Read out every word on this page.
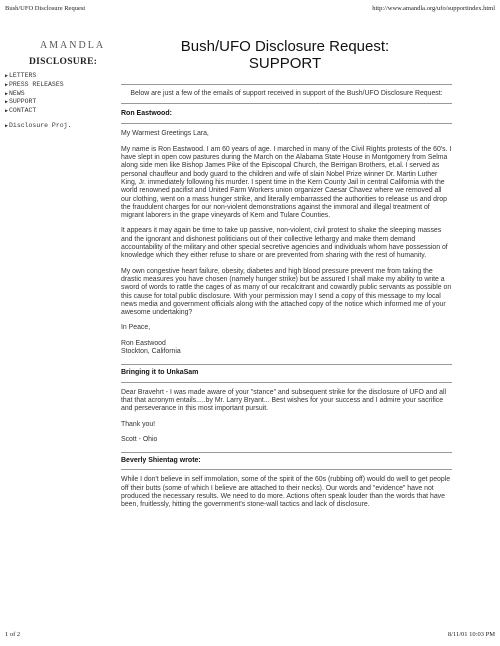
Bush/UFO Disclosure Request	http://www.amandla.org/ufo/supportindex.html
AMANDLA
DISCLOSURE:
▶LETTERS
▶PRESS RELEASES
▶NEWS
▶SUPPORT
▶CONTACT
▶Disclosure Proj.
Bush/UFO Disclosure Request:
SUPPORT
Below are just a few of the emails of support received in support of the Bush/UFO Disclosure Request:
Ron Eastwood:

My Warmest Greetings Lara,

My name is Ron Eastwood. I am 60 years of age. I marched in many of the Civil Rights protests of the 60's. I have slept in open cow pastures during the March on the Alabama State House in Montgomery from Selma along side men like Bishop James Pike of the Episcopal Church, the Berrigan Brothers, et.al. I served as personal chauffeur and body guard to the children and wife of slain Nobel Prize winner Dr. Martin Luther King, Jr. immediately following his murder. I spent time in the Kern County Jail in central California with the world renowned pacifist and United Farm Workers union organizer Caesar Chavez where we removed all our clothing, went on a mass hunger strike, and literally embarrassed the authorities to release us and drop the fraudulent charges for our non-violent demonstrations against the immoral and illegal treatment of migrant laborers in the grape vineyards of Kern and Tulare Counties.

It appears it may again be time to take up passive, non-violent, civil protest to shake the sleeping masses and the ignorant and dishonest politicians out of their collective lethargy and make them demand accountability of the military and other special secretive agencies and individuals whom have possession of knowledge which they either refuse to share or are prevented from sharing with the rest of humanity.

My own congestive heart failure, obesity, diabetes and high blood pressure prevent me from taking the drastic measures you have chosen (namely hunger strike) but be assured I shall make my ability to write a sword of words to rattle the cages of as many of our recalcitrant and cowardly public servants as possible on this cause for total public disclosure. With your permission may I send a copy of this message to my local news media and government officials along with the attached copy of the notice which informed me of your awesome undertaking?

In Peace,

Ron Eastwood
Stockton, California

Bringing it to UnkaSam

Dear Bravehrt - I was made aware of your "stance" and subsequent strike for the disclosure of UFO and all that that acronym entails.....by Mr. Larry Bryant... Best wishes for your success and I admire your sacrifice and perseverance in this most important pursuit.

Thank you!

Scott - Ohio

Beverly Shientag wrote:

While I don't believe in self immolation, some of the spirit of the 60s (rubbing off) would do well to get people off their butts (some of which I believe are attached to their necks). Our words and "evidence" have not produced the necessary results. We need to do more. Actions often speak louder than the words that have been, fruitlessly, hitting the government's stone-wall tactics and lack of disclosure.

1 of 2	8/11/01 10:03 PM
